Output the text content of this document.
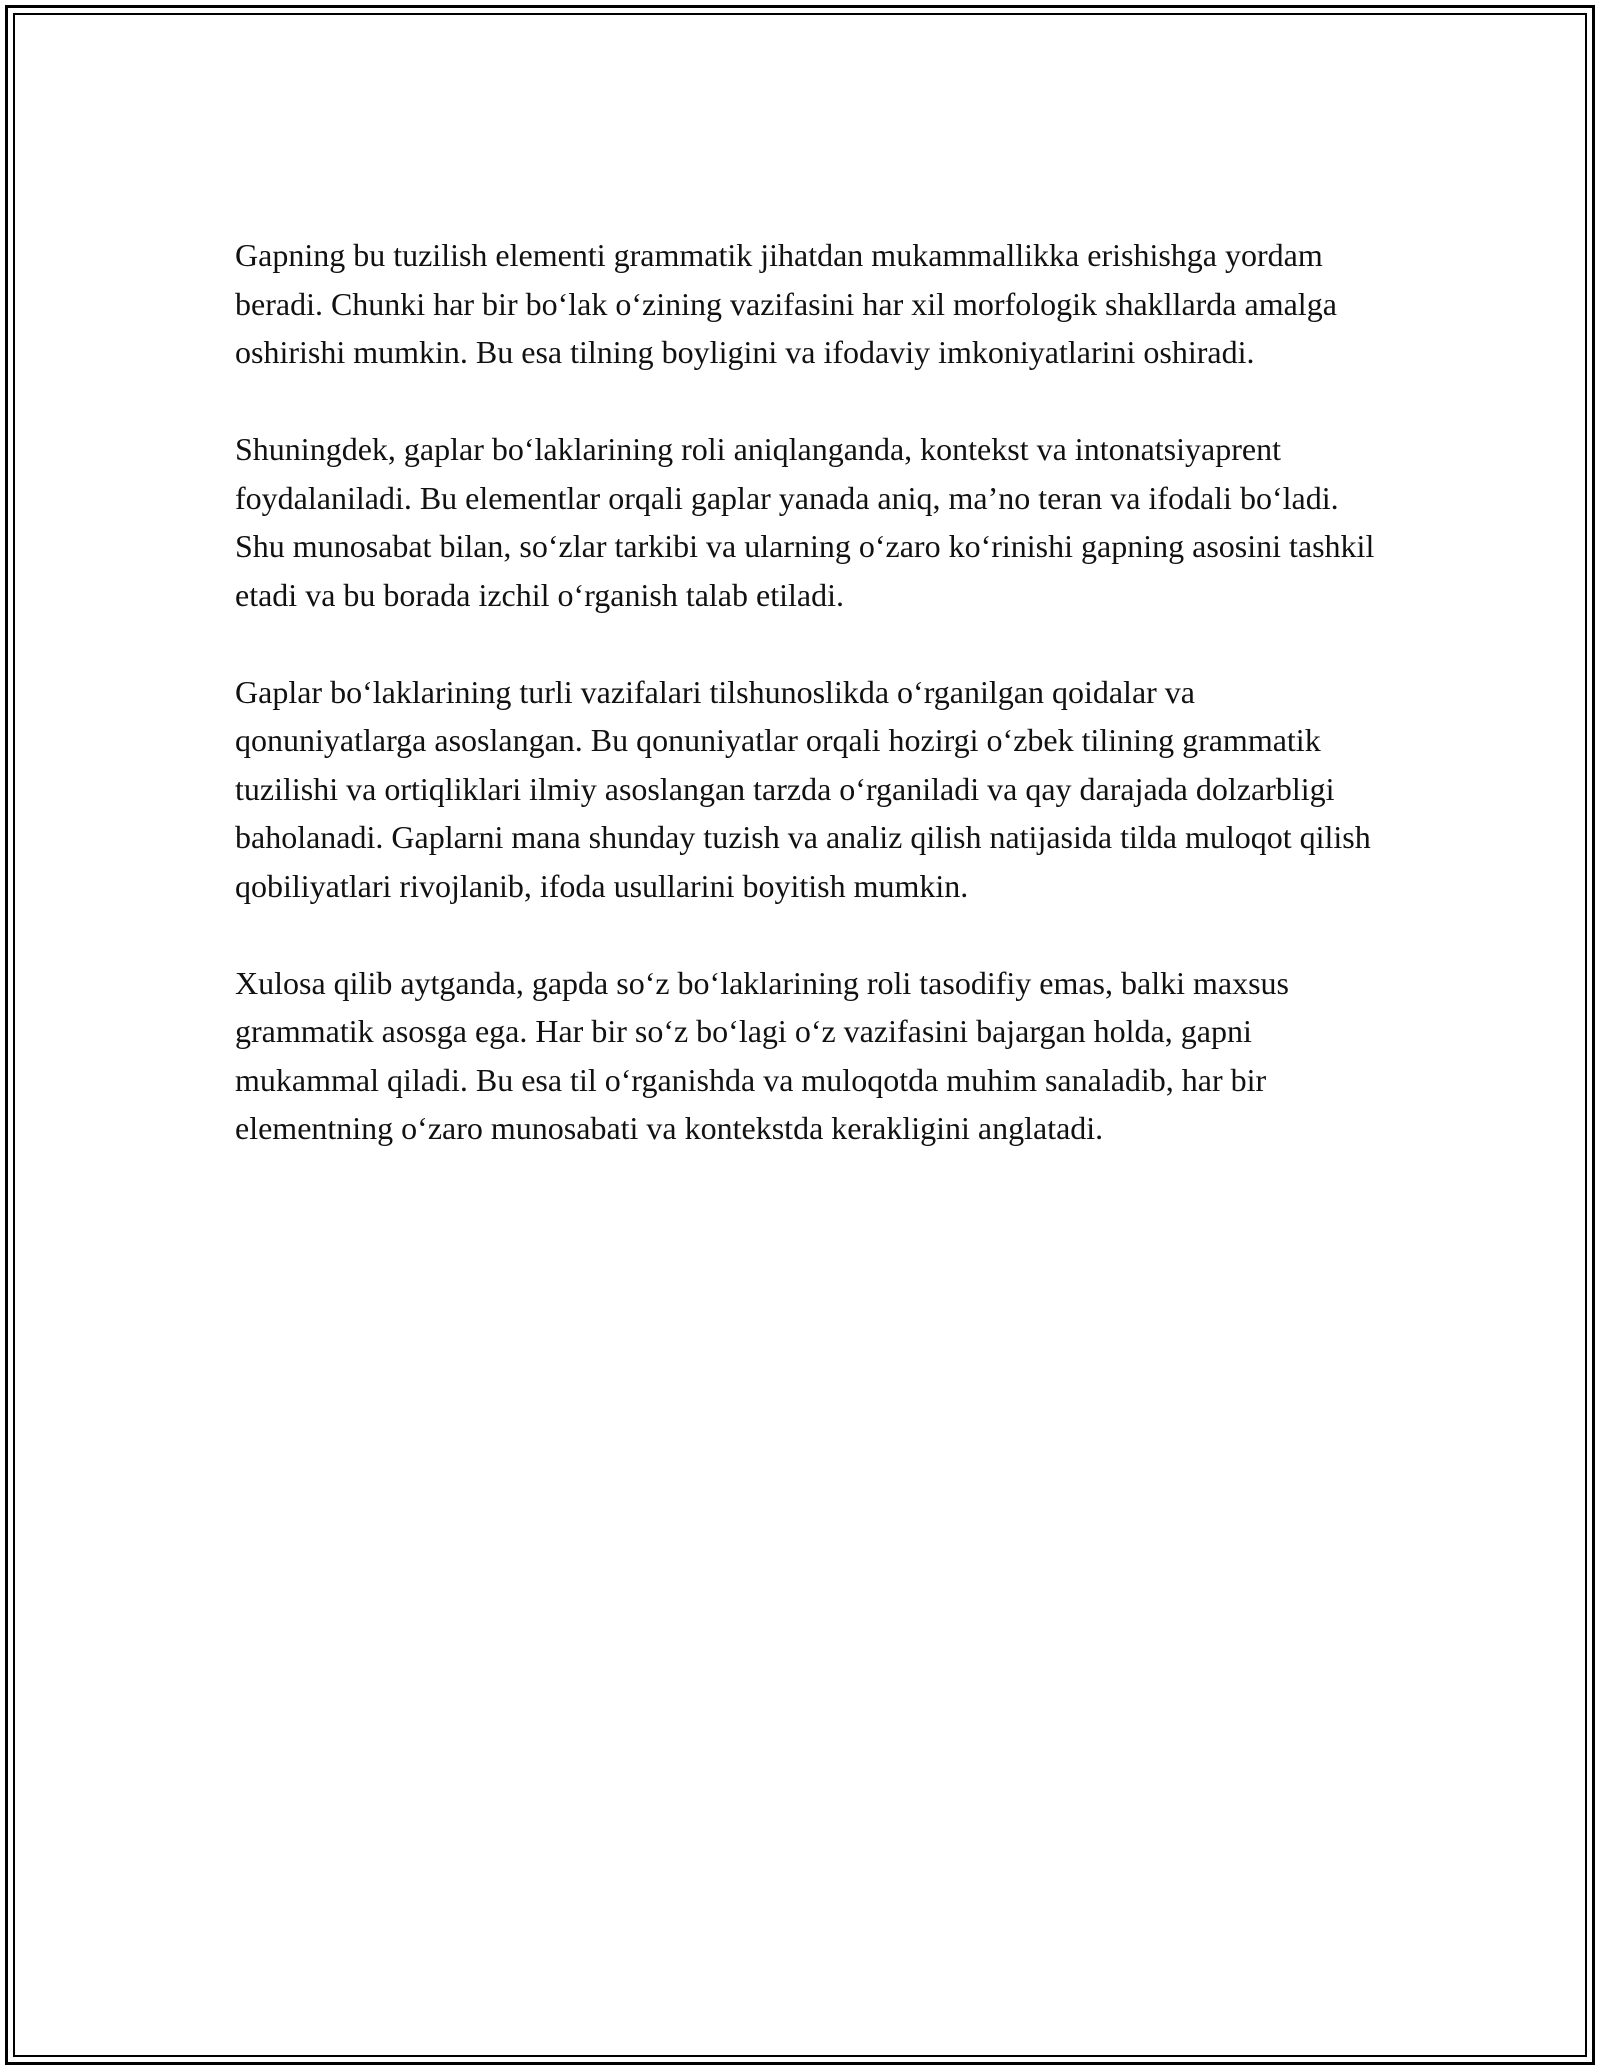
Gapning bu tuzilish elementi grammatik jihatdan mukammallikka erishishga yordam beradi. Chunki har bir bo‘lak o‘zining vazifasini har xil morfologik shakllarda amalga oshirishi mumkin. Bu esa tilning boyligini va ifodaviy imkoniyatlarini oshiradi.

Shuningdek, gaplar bo‘laklarining roli aniqlanganda, kontekst va intonatsiyaprent foydalaniladi. Bu elementlar orqali gaplar yanada aniq, ma’no teran va ifodali bo‘ladi. Shu munosabat bilan, so‘zlar tarkibi va ularning o‘zaro ko‘rinishi gapning asosini tashkil etadi va bu borada izchil o‘rganish talab etiladi.

Gaplar bo‘laklarining turli vazifalari tilshunoslikda o‘rganilgan qoidalar va qonuniyatlarga asoslangan. Bu qonuniyatlar orqali hozirgi o‘zbek tilining grammatik tuzilishi va ortiqliklari ilmiy asoslangan tarzda o‘rganiladi va qay darajada dolzarbligi baholanadi. Gaplarni mana shunday tuzish va analiz qilish natijasida tilda muloqot qilish qobiliyatlari rivojlanib, ifoda usullarini boyitish mumkin.

Xulosa qilib aytganda, gapda so‘z bo‘laklarining roli tasodifiy emas, balki maxsus grammatik asosga ega. Har bir so‘z bo‘lagi o‘z vazifasini bajargan holda, gapni mukammal qiladi. Bu esa til o‘rganishda va muloqotda muhim sanaladib, har bir elementning o‘zaro munosabati va kontekstda kerakligini anglatadi.
